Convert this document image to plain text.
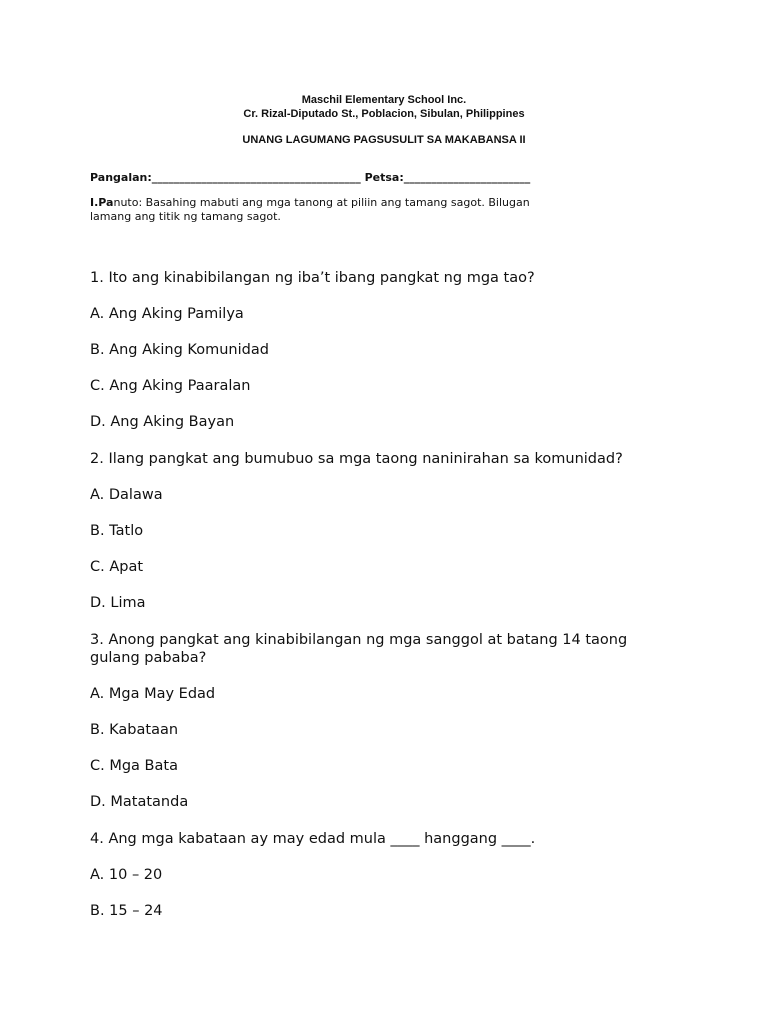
Maschil Elementary School Inc.
Cr. Rizal-Diputado St., Poblacion, Sibulan, Philippines
UNANG LAGUMANG PAGSUSULIT SA MAKABANSA II
Pangalan:______________________________________ Petsa:_______________________
I.Panuto: Basahing mabuti ang mga tanong at piliin ang tamang sagot. Bilugan
lamang ang titik ng tamang sagot.
1. Ito ang kinabibilangan ng iba’t ibang pangkat ng mga tao?
A. Ang Aking Pamilya
B. Ang Aking Komunidad
C. Ang Aking Paaralan
D. Ang Aking Bayan
2. Ilang pangkat ang bumubuo sa mga taong naninirahan sa komunidad?
A. Dalawa
B. Tatlo
C. Apat
D. Lima
3. Anong pangkat ang kinabibilangan ng mga sanggol at batang 14 taong
gulang pababa?
A. Mga May Edad
B. Kabataan
C. Mga Bata
D. Matatanda
4. Ang mga kabataan ay may edad mula ____ hanggang ____.
A. 10 – 20
B. 15 – 24
